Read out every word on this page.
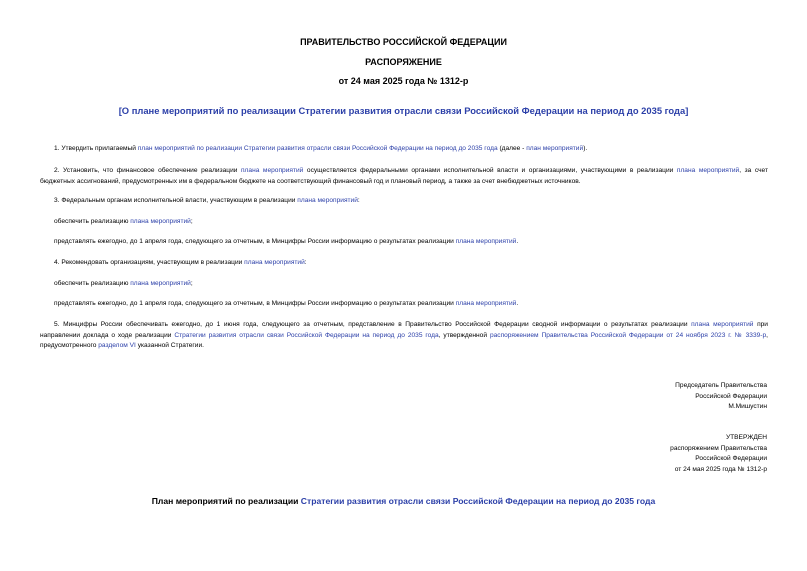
ПРАВИТЕЛЬСТВО РОССИЙСКОЙ ФЕДЕРАЦИИ
РАСПОРЯЖЕНИЕ
от 24 мая 2025 года № 1312-р
[О плане мероприятий по реализации Стратегии развития отрасли связи Российской Федерации на период до 2035 года]
1. Утвердить прилагаемый план мероприятий по реализации Стратегии развития отрасли связи Российской Федерации на период до 2035 года (далее - план мероприятий).
2. Установить, что финансовое обеспечение реализации плана мероприятий осуществляется федеральными органами исполнительной власти и организациями, участвующими в реализации плана мероприятий, за счет бюджетных ассигнований, предусмотренных им в федеральном бюджете на соответствующий финансовый год и плановый период, а также за счет внебюджетных источников.
3. Федеральным органам исполнительной власти, участвующим в реализации плана мероприятий:
обеспечить реализацию плана мероприятий;
представлять ежегодно, до 1 апреля года, следующего за отчетным, в Минцифры России информацию о результатах реализации плана мероприятий.
4. Рекомендовать организациям, участвующим в реализации плана мероприятий:
обеспечить реализацию плана мероприятий;
представлять ежегодно, до 1 апреля года, следующего за отчетным, в Минцифры России информацию о результатах реализации плана мероприятий.
5. Минцифры России обеспечивать ежегодно, до 1 июня года, следующего за отчетным, представление в Правительство Российской Федерации сводной информации о результатах реализации плана мероприятий при направлении доклада о ходе реализации Стратегии развития отрасли связи Российской Федерации на период до 2035 года, утвержденной распоряжением Правительства Российской Федерации от 24 ноября 2023 г. № 3339-р, предусмотренного разделом VI указанной Стратегии.
Председатель Правительства
Российской Федерации
М.Мишустин
УТВЕРЖДЕН
распоряжением Правительства
Российской Федерации
от 24 мая 2025 года № 1312-р
План мероприятий по реализации Стратегии развития отрасли связи Российской Федерации на период до 2035 года
